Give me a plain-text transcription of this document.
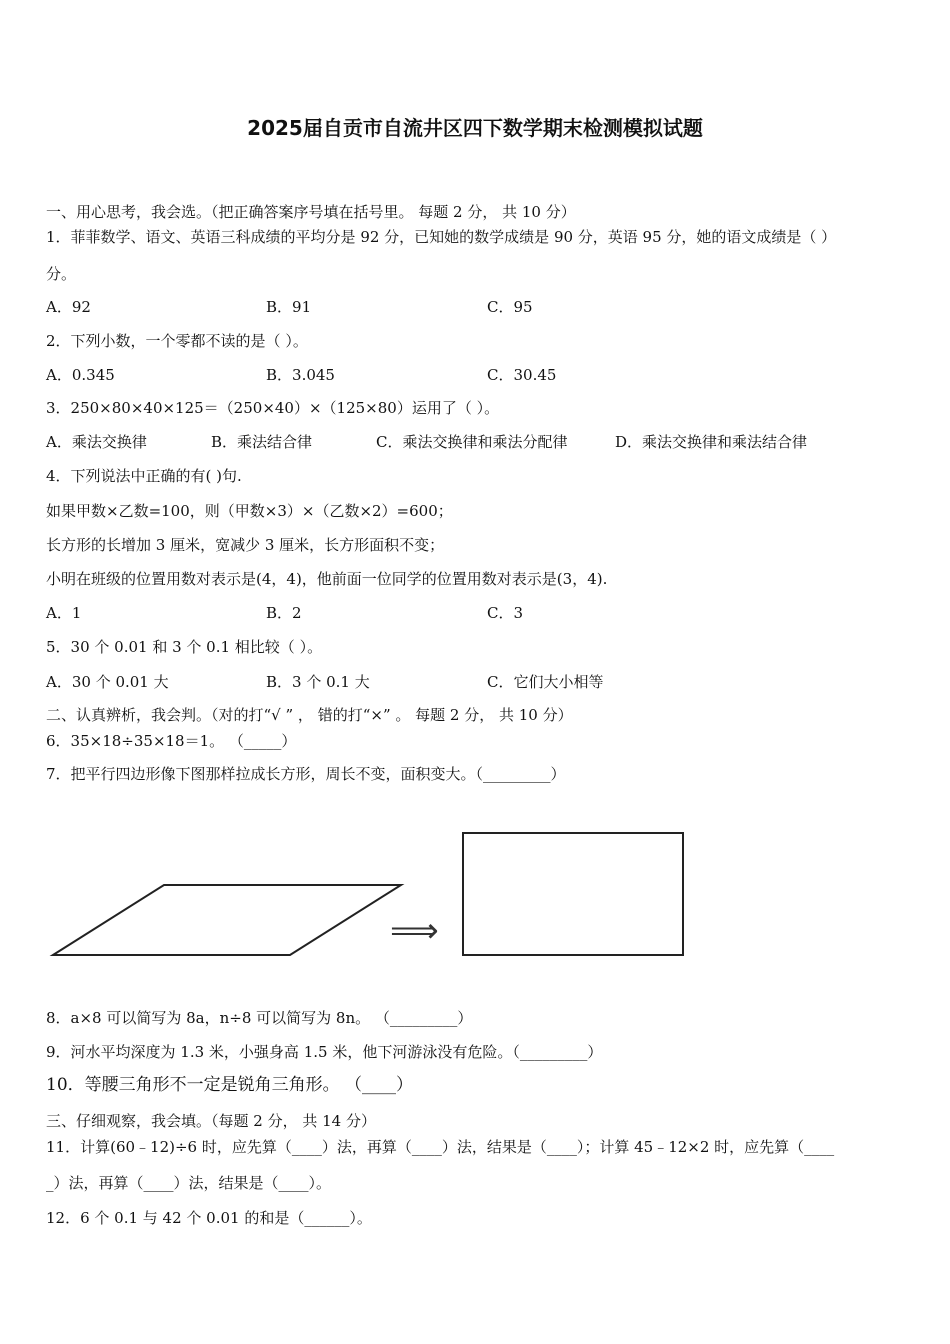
2025届自贡市自流井区四下数学期末检测模拟试题
一、用心思考，我会选。（把正确答案序号填在括号里。 每题 2 分， 共 10 分）
1．菲菲数学、语文、英语三科成绩的平均分是 92 分，已知她的数学成绩是 90 分，英语 95 分，她的语文成绩是（ ）
分。
A．92	B．91	C．95
2．下列小数，一个零都不读的是（ ）。
A．0.345	B．3.045	C．30.45
3．250×80×40×125＝（250×40）×（125×80）运用了（ ）。
A．乘法交换律	B．乘法结合律	C．乘法交换律和乘法分配律	D．乘法交换律和乘法结合律
4．下列说法中正确的有( )句.
如果甲数×乙数=100，则（甲数×3）×（乙数×2）=600；
长方形的长增加 3 厘米，宽减少 3 厘米，长方形面积不变；
小明在班级的位置用数对表示是(4，4)，他前面一位同学的位置用数对表示是(3，4).
A．1	B．2	C．3
5．30 个 0.01 和 3 个 0.1 相比较（ ）。
A．30 个 0.01 大	B．3 个 0.1 大	C．它们大小相等
二、认真辨析，我会判。（对的打“√ ” ， 错的打“×” 。 每题 2 分， 共 10 分）
6．35×18÷35×18＝1。 （_____）
7．把平行四边形像下图那样拉成长方形，周长不变，面积变大。（_________）
⟹
8．a×8 可以简写为 8a，n÷8 可以简写为 8n。 （_________）
9．河水平均深度为 1.3 米，小强身高 1.5 米，他下河游泳没有危险。（_________）
10．等腰三角形不一定是锐角三角形。 （____）
三、仔细观察，我会填。（每题 2 分， 共 14 分）
11．计算(60﹣12)÷6 时，应先算（____）法，再算（____）法，结果是（____）；计算 45﹣12×2 时，应先算（____
_）法，再算（____）法，结果是（____）。
12．6 个 0.1 与 42 个 0.01 的和是（______）。
